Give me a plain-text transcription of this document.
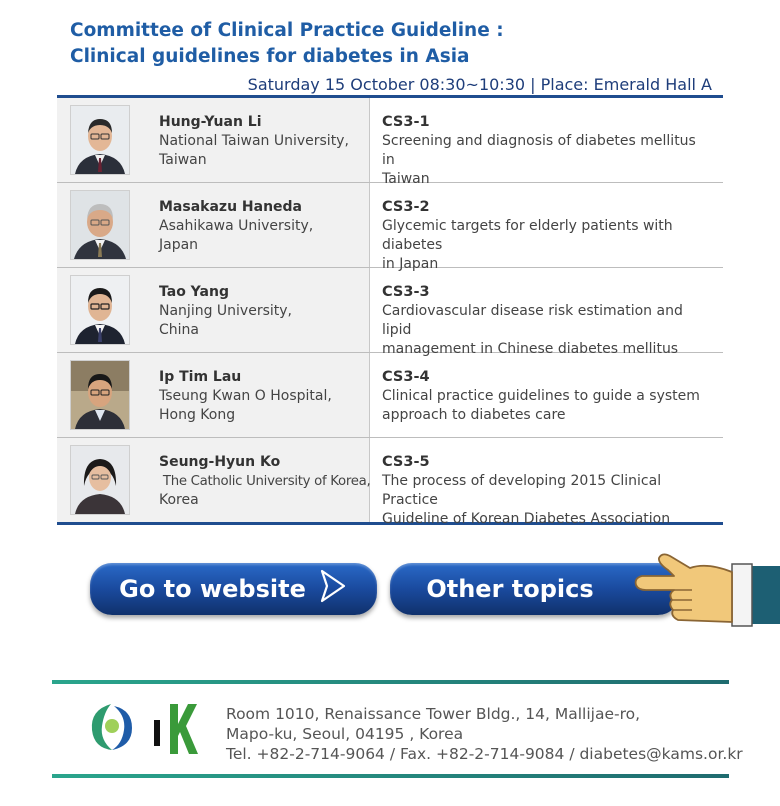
Committee of Clinical Practice Guideline :
Clinical guidelines for diabetes in Asia
Saturday 15 October 08:30~10:30 | Place: Emerald Hall A
Hung-Yuan Li
National Taiwan University,
Taiwan
CS3-1
Screening and diagnosis of diabetes mellitus in
Taiwan
Masakazu Haneda
Asahikawa University,
Japan
CS3-2
Glycemic targets for elderly patients with diabetes
in Japan
Tao Yang
Nanjing University,
China
CS3-3
Cardiovascular disease risk estimation and lipid
management in Chinese diabetes mellitus
Ip Tim Lau
Tseung Kwan O Hospital,
Hong Kong
CS3-4
Clinical practice guidelines to guide a system
approach to diabetes care
Seung-Hyun Ko
The Catholic University of Korea,
Korea
CS3-5
The process of developing 2015 Clinical Practice
Guideline of Korean Diabetes Association
Go to website	Other topics
Room 1010, Renaissance Tower Bldg., 14, Mallijae-ro,
Mapo-ku, Seoul, 04195 , Korea
Tel. +82-2-714-9064 / Fax. +82-2-714-9084 / diabetes@kams.or.kr
